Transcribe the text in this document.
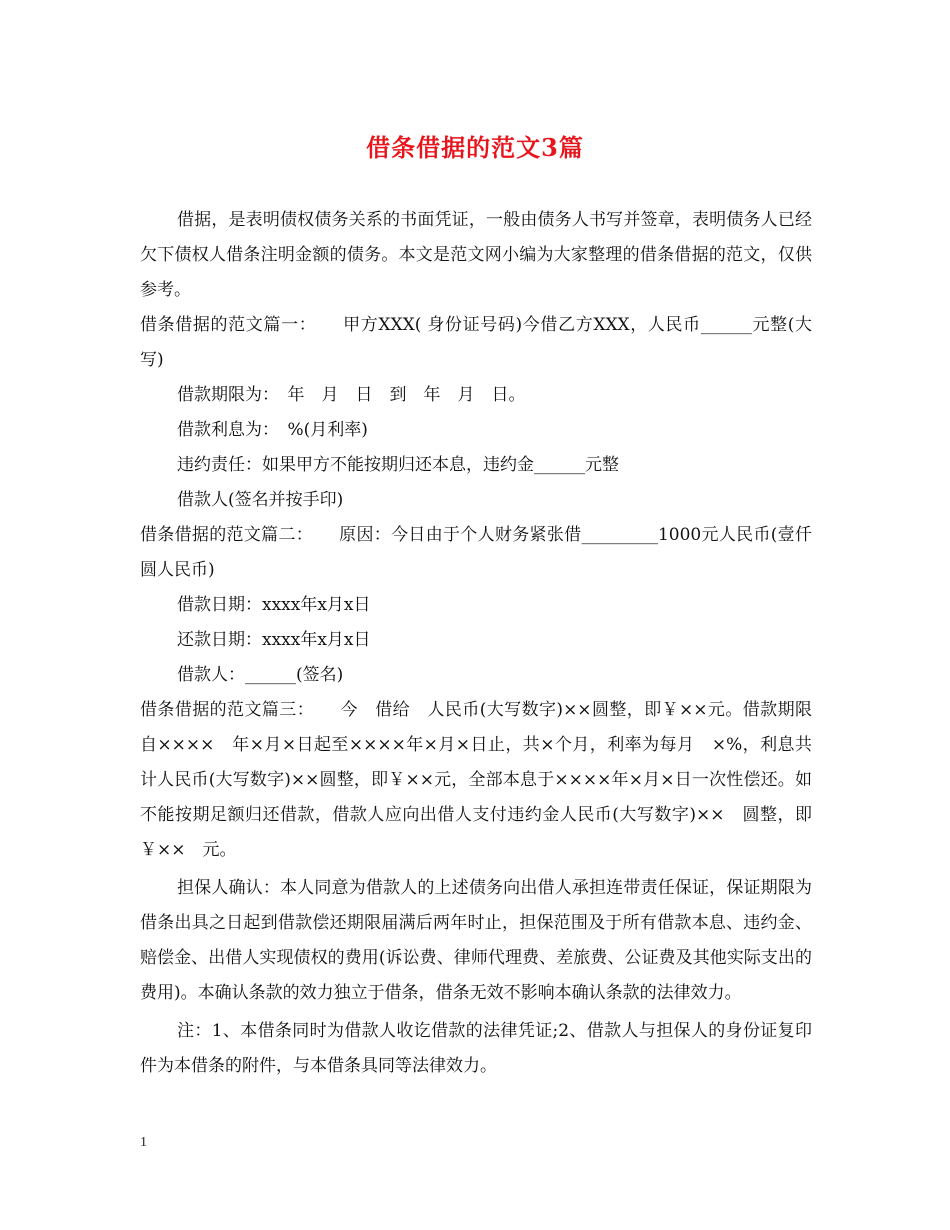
借条借据的范文3篇

借据，是表明债权债务关系的书面凭证，一般由债务人书写并签章，表明债务人已经欠下债权人借条注明金额的债务。本文是范文网小编为大家整理的借条借据的范文，仅供参考。

借条借据的范文篇一：　　甲方XXX( 身份证号码)今借乙方XXX，人民币______元整(大写)

借款期限为：　年　月　日　到　年　月　日。

借款利息为：　%(月利率)

违约责任：如果甲方不能按期归还本息，违约金______元整

借款人(签名并按手印)

借条借据的范文篇二：　　原因：今日由于个人财务紧张借_________1000元人民币(壹仟圆人民币)

借款日期：xxxx年x月x日

还款日期：xxxx年x月x日

借款人：______(签名)

借条借据的范文篇三：　　今　借给　人民币(大写数字)××圆整，即￥××元。借款期限自××××　年×月×日起至××××年×月×日止，共×个月，利率为每月　×%，利息共计人民币(大写数字)××圆整，即￥××元，全部本息于××××年×月×日一次性偿还。如不能按期足额归还借款，借款人应向出借人支付违约金人民币(大写数字)××　圆整，即￥××　元。

担保人确认：本人同意为借款人的上述债务向出借人承担连带责任保证，保证期限为借条出具之日起到借款偿还期限届满后两年时止，担保范围及于所有借款本息、违约金、赔偿金、出借人实现债权的费用(诉讼费、律师代理费、差旅费、公证费及其他实际支出的费用)。本确认条款的效力独立于借条，借条无效不影响本确认条款的法律效力。

注：1、本借条同时为借款人收讫借款的法律凭证;2、借款人与担保人的身份证复印件为本借条的附件，与本借条具同等法律效力。

1
